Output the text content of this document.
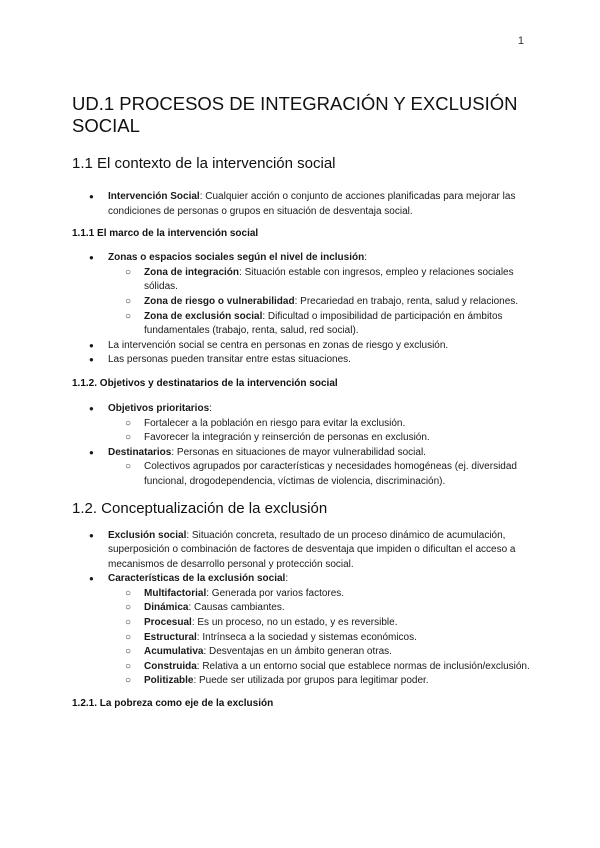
1
UD.1 PROCESOS DE INTEGRACIÓN Y EXCLUSIÓN SOCIAL
1.1 El contexto de la intervención social
● Intervención Social: Cualquier acción o conjunto de acciones planificadas para mejorar las condiciones de personas o grupos en situación de desventaja social.
1.1.1 El marco de la intervención social
● Zonas o espacios sociales según el nivel de inclusión:
○ Zona de integración: Situación estable con ingresos, empleo y relaciones sociales sólidas.
○ Zona de riesgo o vulnerabilidad: Precariedad en trabajo, renta, salud y relaciones.
○ Zona de exclusión social: Dificultad o imposibilidad de participación en ámbitos fundamentales (trabajo, renta, salud, red social).
● La intervención social se centra en personas en zonas de riesgo y exclusión.
● Las personas pueden transitar entre estas situaciones.
1.1.2. Objetivos y destinatarios de la intervención social
● Objetivos prioritarios:
○ Fortalecer a la población en riesgo para evitar la exclusión.
○ Favorecer la integración y reinserción de personas en exclusión.
● Destinatarios: Personas en situaciones de mayor vulnerabilidad social.
○ Colectivos agrupados por características y necesidades homogéneas (ej. diversidad funcional, drogodependencia, víctimas de violencia, discriminación).
1.2. Conceptualización de la exclusión
● Exclusión social: Situación concreta, resultado de un proceso dinámico de acumulación, superposición o combinación de factores de desventaja que impiden o dificultan el acceso a mecanismos de desarrollo personal y protección social.
● Características de la exclusión social:
○ Multifactorial: Generada por varios factores.
○ Dinámica: Causas cambiantes.
○ Procesual: Es un proceso, no un estado, y es reversible.
○ Estructural: Intrínseca a la sociedad y sistemas económicos.
○ Acumulativa: Desventajas en un ámbito generan otras.
○ Construida: Relativa a un entorno social que establece normas de inclusión/exclusión.
○ Politizable: Puede ser utilizada por grupos para legitimar poder.
1.2.1. La pobreza como eje de la exclusión
